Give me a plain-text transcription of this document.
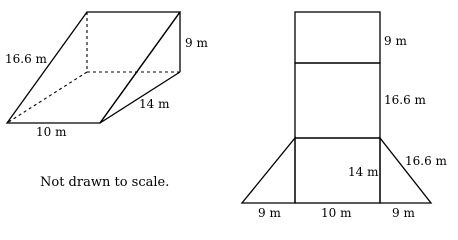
16.6 m
9 m
14 m
10 m
Not drawn to scale.
9 m
16.6 m
14 m
16.6 m
9 m	10 m	9 m
